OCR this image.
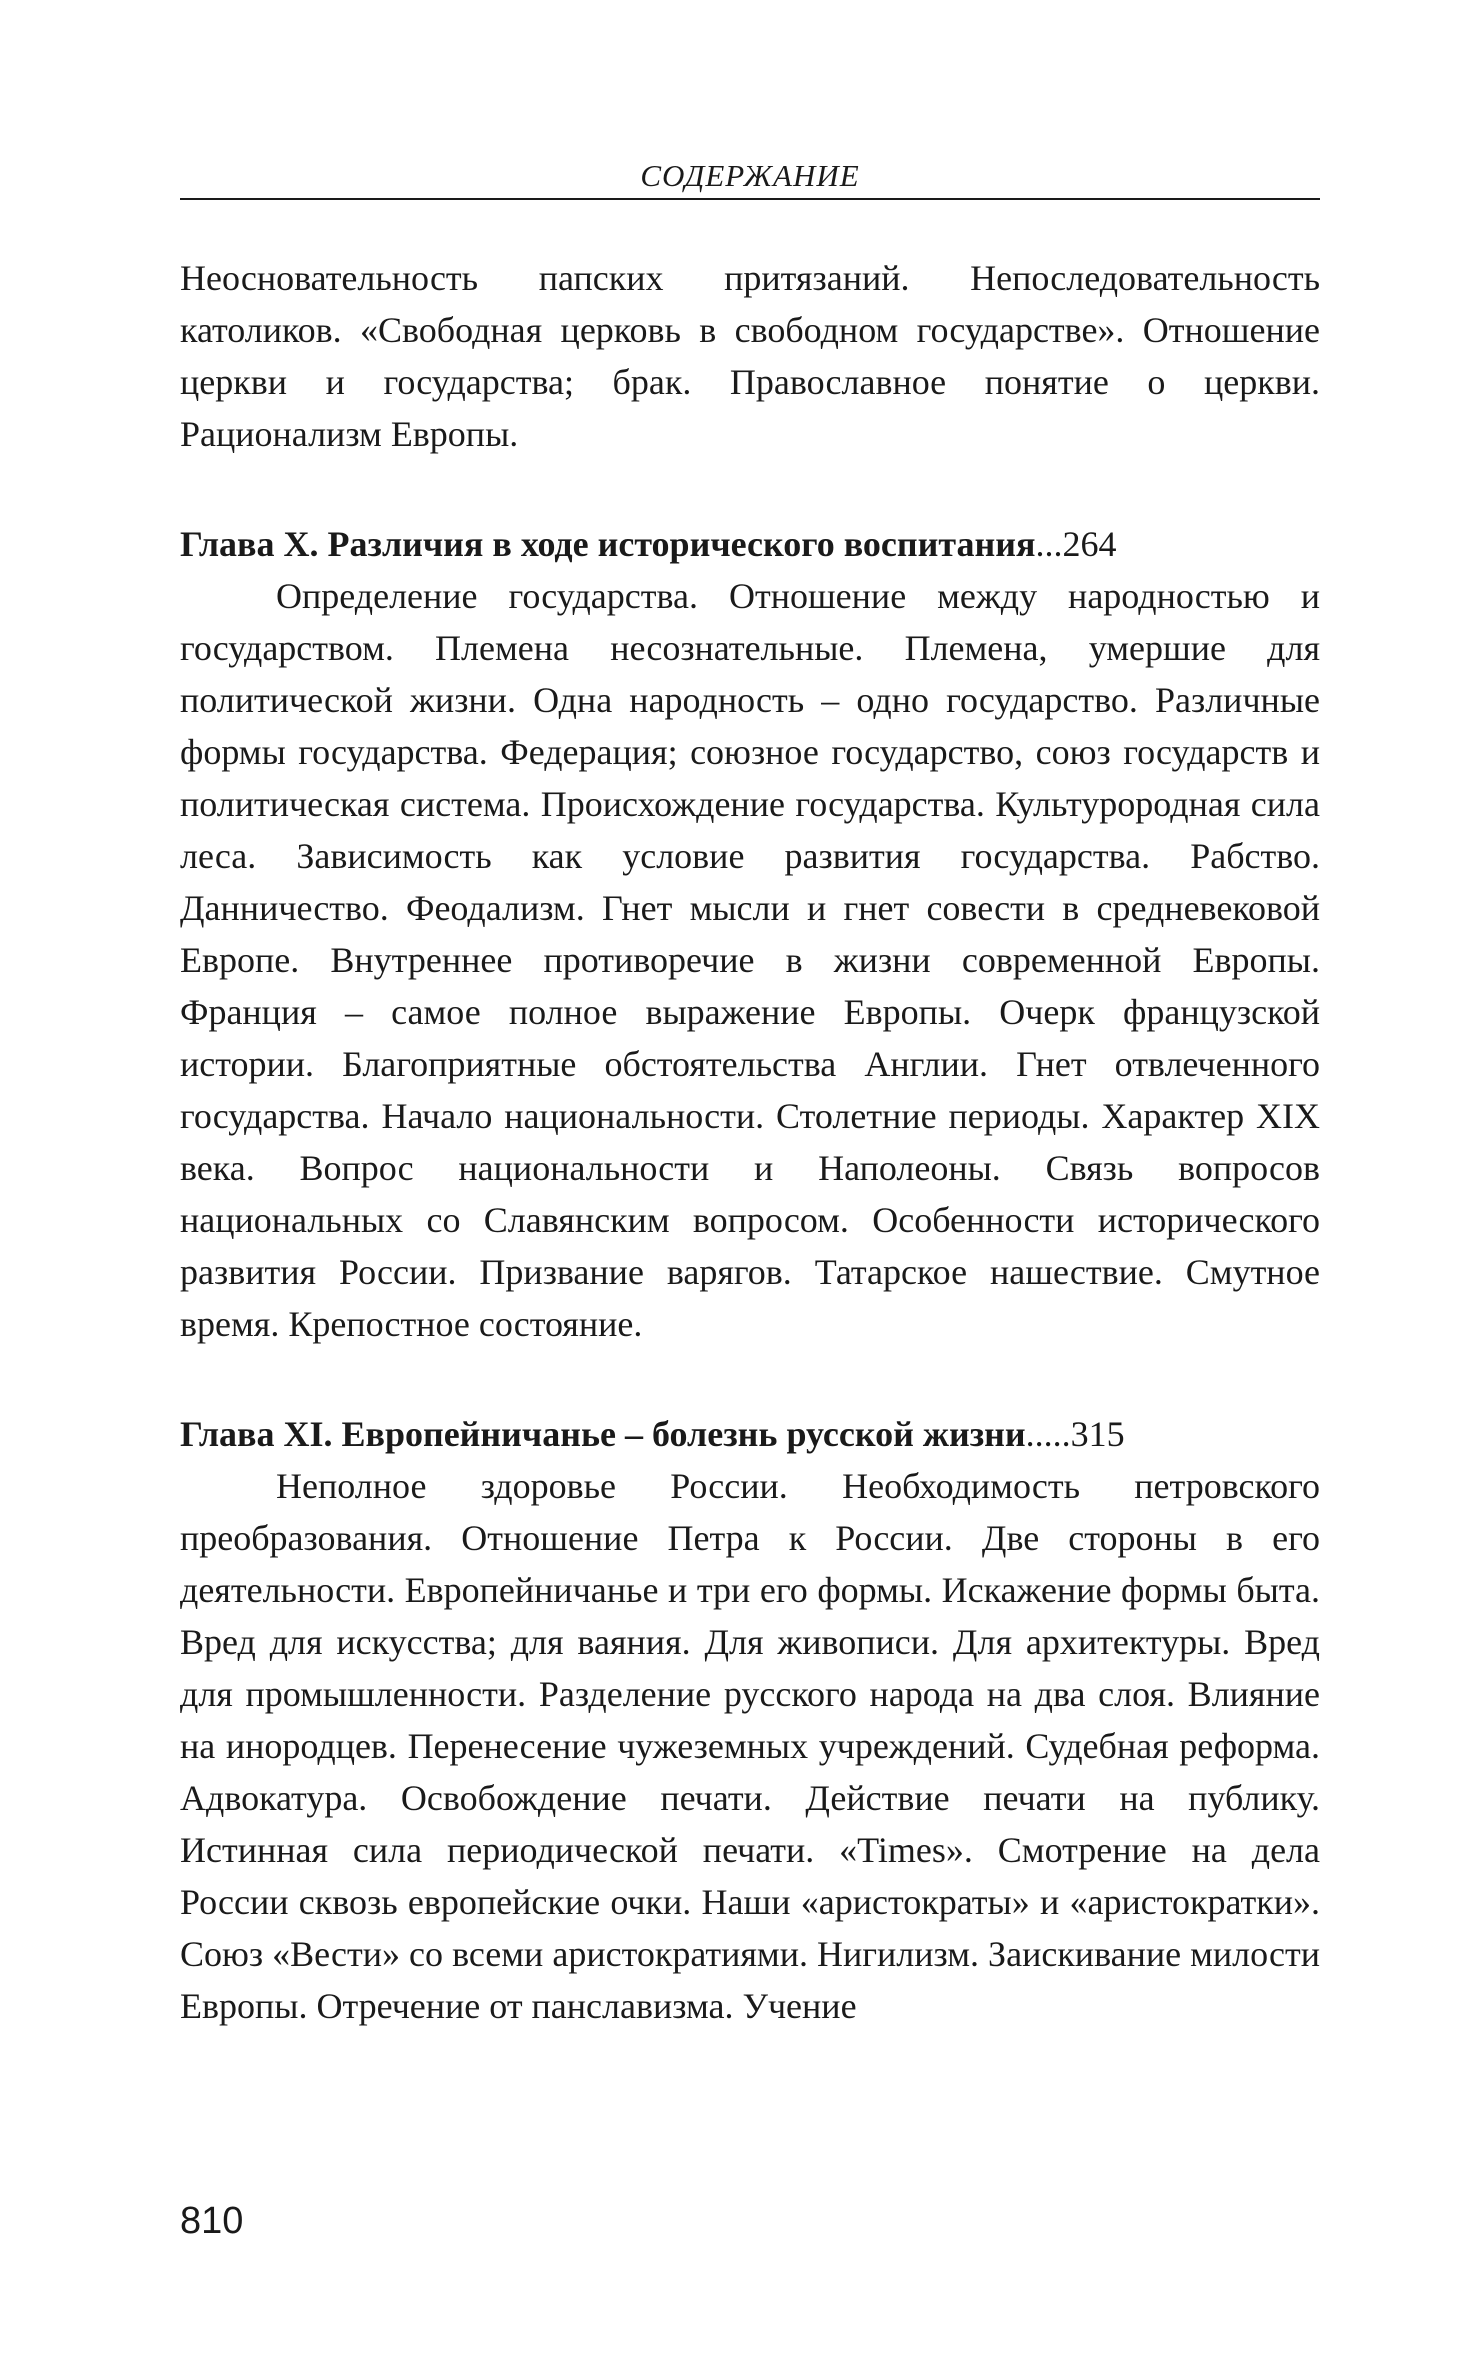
СОДЕРЖАНИЕ

Неосновательность папских притязаний. Непоследовательность католиков. «Свободная церковь в свободном государстве». Отношение церкви и государства; брак. Православное понятие о церкви. Рационализм Европы.

Глава X. Различия в ходе исторического воспитания ... 264

Определение государства. Отношение между народностью и государством. Племена несознательные. Племена, умершие для политической жизни. Одна народность – одно государство. Различные формы государства. Федерация; союзное государство, союз государств и политическая система. Происхождение государства. Культурородная сила леса. Зависимость как условие развития государства. Рабство. Данничество. Феодализм. Гнет мысли и гнет совести в средневековой Европе. Внутреннее противоречие в жизни современной Европы. Франция – самое полное выражение Европы. Очерк французской истории. Благоприятные обстоятельства Англии. Гнет отвлеченного государства. Начало национальности. Столетние периоды. Характер XIX века. Вопрос национальности и Наполеоны. Связь вопросов национальных со Славянским вопросом. Особенности исторического развития России. Призвание варягов. Татарское нашествие. Смутное время. Крепостное состояние.

Глава XI. Европейничанье – болезнь русской жизни ..... 315

Неполное здоровье России. Необходимость петровского преобразования. Отношение Петра к России. Две стороны в его деятельности. Европейничанье и три его формы. Искажение формы быта. Вред для искусства; для ваяния. Для живописи. Для архитектуры. Вред для промышленности. Разделение русского народа на два слоя. Влияние на инородцев. Перенесение чужеземных учреждений. Судебная реформа. Адвокатура. Освобождение печати. Действие печати на публику. Истинная сила периодической печати. «Times». Смотрение на дела России сквозь европейские очки. Наши «аристократы» и «аристократки». Союз «Вести» со всеми аристократиями. Нигилизм. Заискивание милости Европы. Отречение от панславизма. Учение

810
